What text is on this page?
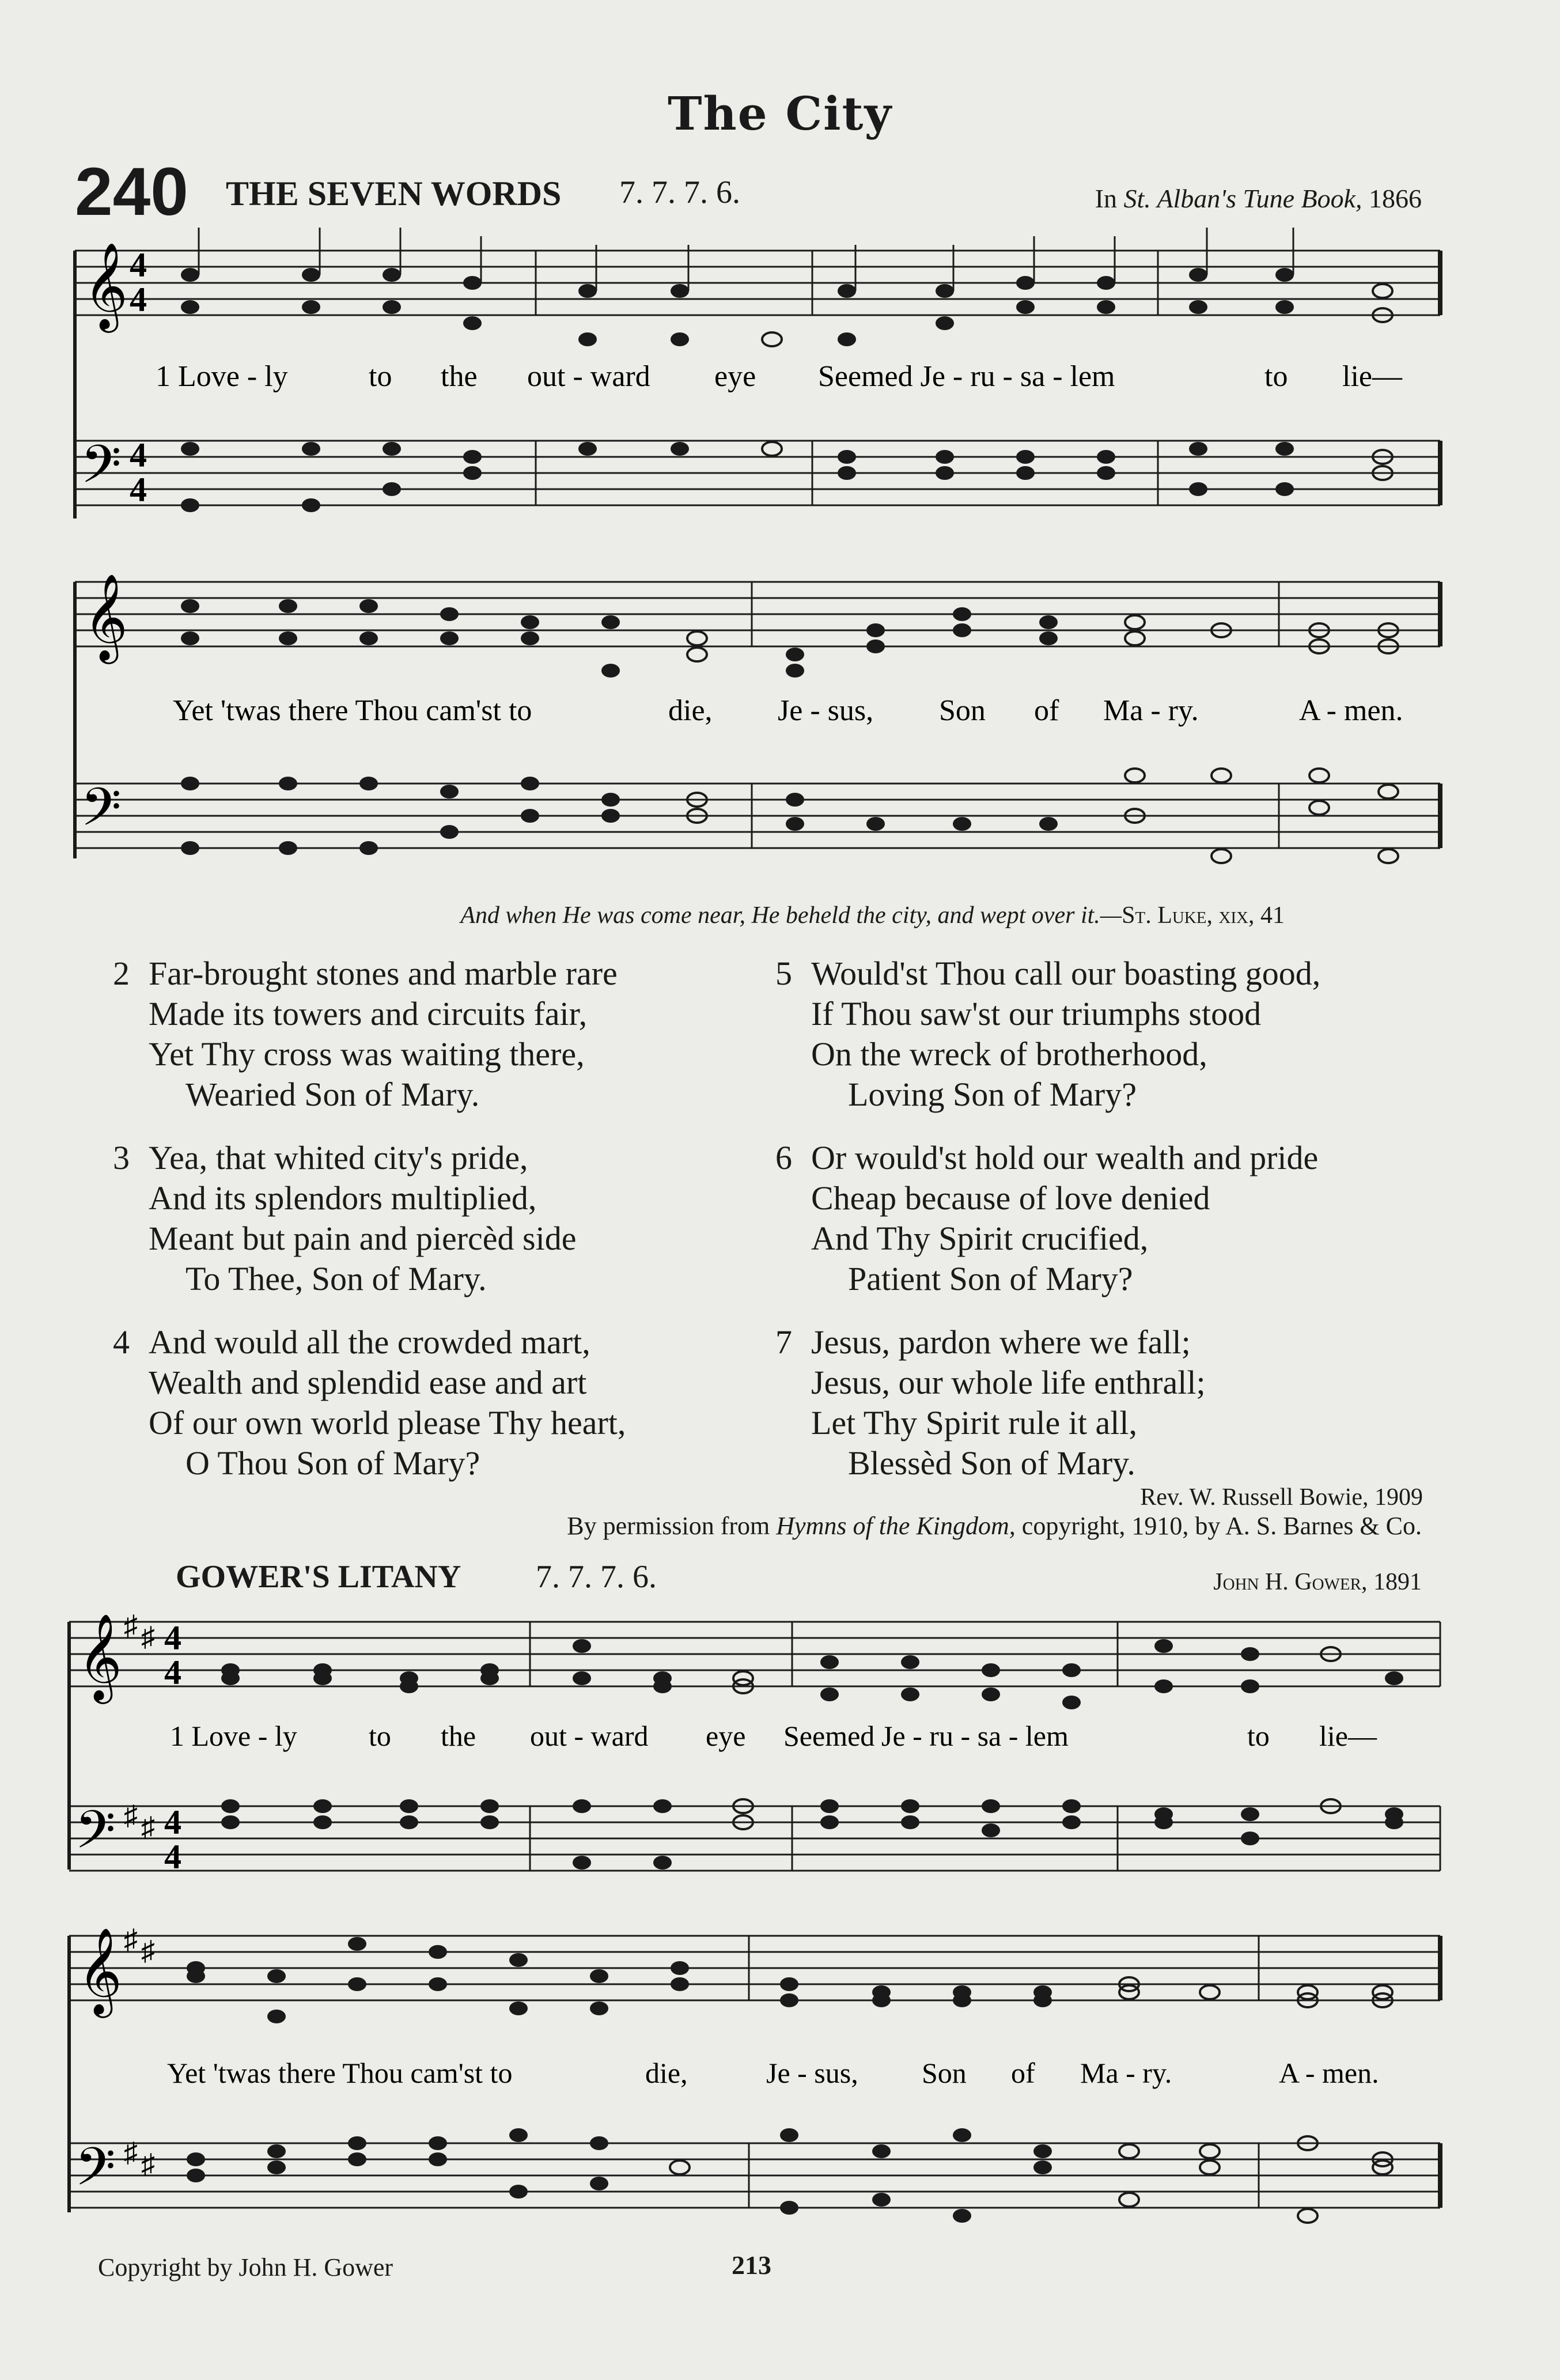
The City
240 THE SEVEN WORDS 7. 7. 7. 6.	In St. Alban's Tune Book, 1866
𝄞 4
4
𝄢 4
4
1 Love - ly	to the out - ward eye Seemed Je - ru - sa - lem	to lie—
𝄞
𝄢
Yet 'twas there Thou cam'st to	die, Je - sus, Son of Ma - ry.	A - men.
And when He was come near, He beheld the city, and wept over it.—St. Luke, xix, 41
2 Far-brought stones and marble rare
Made its towers and circuits fair,
Yet Thy cross was waiting there,
Wearied Son of Mary.
3 Yea, that whited city's pride,
And its splendors multiplied,
Meant but pain and piercèd side
To Thee, Son of Mary.
4 And would all the crowded mart,
Wealth and splendid ease and art
Of our own world please Thy heart,
O Thou Son of Mary?
5 Would'st Thou call our boasting good,
If Thou saw'st our triumphs stood
On the wreck of brotherhood,
Loving Son of Mary?
6 Or would'st hold our wealth and pride
Cheap because of love denied
And Thy Spirit crucified,
Patient Son of Mary?
7 Jesus, pardon where we fall;
Jesus, our whole life enthrall;
Let Thy Spirit rule it all,
Blessèd Son of Mary.
Rev. W. Russell Bowie, 1909
By permission from Hymns of the Kingdom, copyright, 1910, by A. S. Barnes & Co.
GOWER'S LITANY 7. 7. 7. 6.	John H. Gower, 1891
𝄞 ♯ ♯ 4
4
𝄢 ♯ ♯ 4
4
1 Love - ly to the out - ward eye Seemed Je - ru - sa - lem	to lie—
𝄞 ♯ ♯
𝄢 ♯ ♯
Yet 'twas there Thou cam'st to	die,	Je - sus, Son of Ma - ry.	A - men.
Copyright by John H. Gower	213
